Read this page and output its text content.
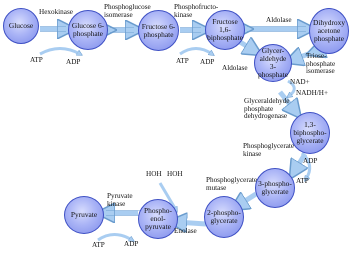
Glucose	Glucose 6-
phosphate
Fructose 6-
phosphate
Fructose 1,6-
biphosphate
Dihydroxy
acetone
phosphate
Glycer-
aldehyde 3-
phosphate
1,3-
biphospho-
glycerate
3-phospho-
glycerate
2-phospho-
glycerate
Phospho-
enol-
pyruvate
Pyruvate
Hexokinase
Phosphoglucose
isomerase
Phosphofructo-
kinase
Aldolase
Aldolase
Triose-
phosphate
isomerase
ATP	ADP	ATP ADP
NAD+
NADH/H+
Glyceraldehyde
phosphate
dehydrogenase
Phosphoglycerate
kinase
ADP
ATP
Phosphoglycerate
mutase
HOH HOH
Enolase
Pyruvate
kinase
ATP	ADP
